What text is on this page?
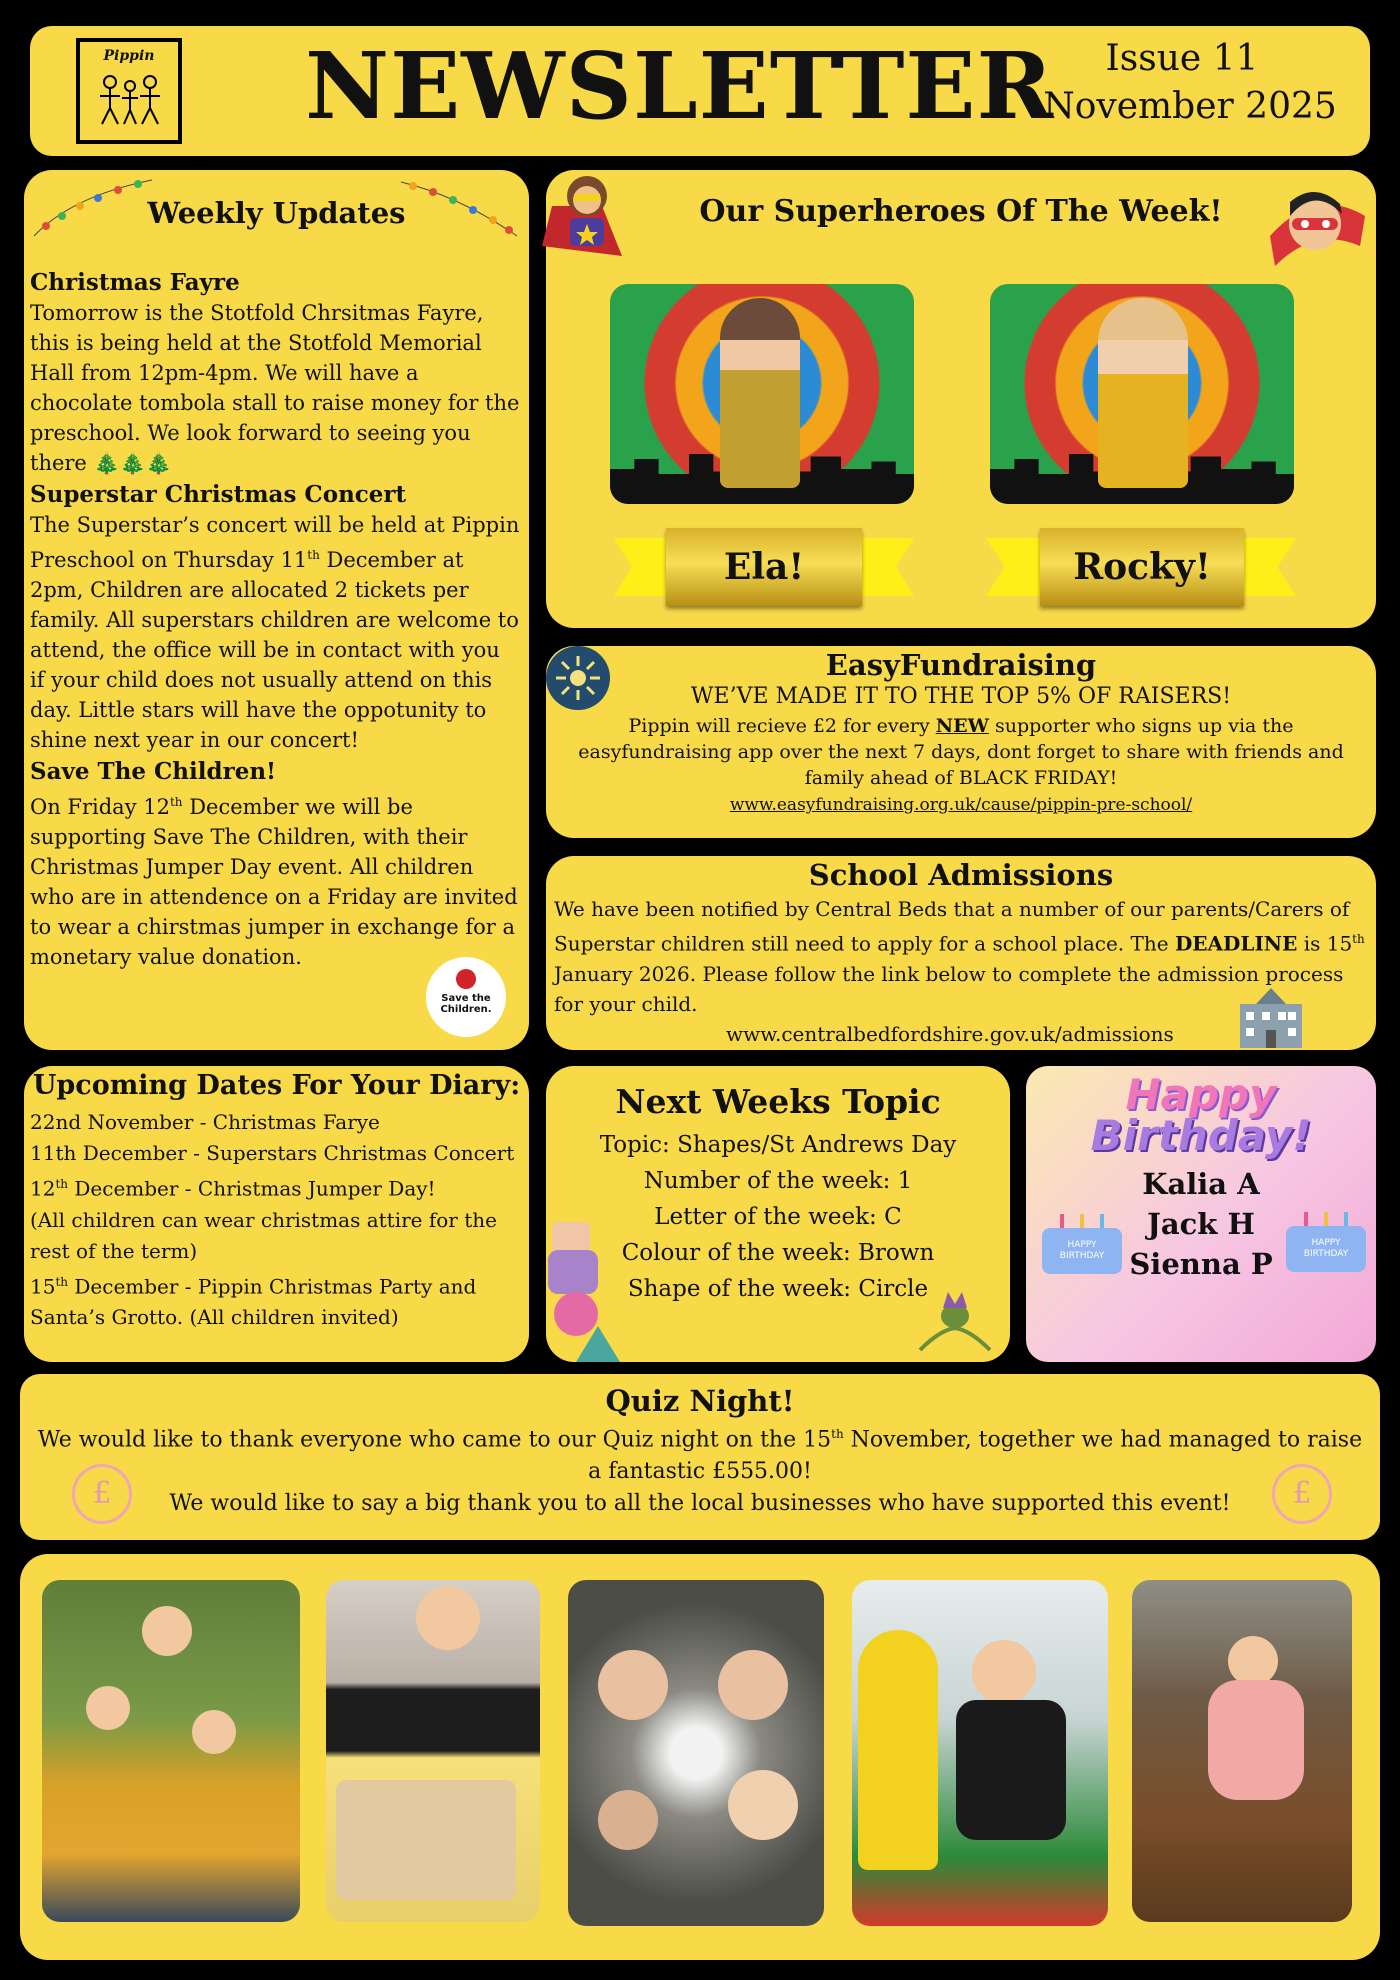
Pippin NEWSLETTER	Issue 11
November 2025
Weekly Updates
Christmas Fayre
Tomorrow is the Stotfold Chrsitmas Fayre, this is being held at the Stotfold Memorial Hall from 12pm-4pm. We will have a chocolate tombola stall to raise money for the preschool. We look forward to seeing you there 🎄🎄🎄
Superstar Christmas Concert
The Superstar’s concert will be held at Pippin Preschool on Thursday 11th December at 2pm, Children are allocated 2 tickets per family. All superstars children are welcome to attend, the office will be in contact with you if your child does not usually attend on this day. Little stars will have the oppotunity to shine next year in our concert!
Save The Children!
On Friday 12th December we will be supporting Save The Children, with their Christmas Jumper Day event. All children who are in attendence on a Friday are invited to wear a chirstmas jumper in exchange for a monetary value donation.
Save the
Children.
Our Superheroes Of The Week!
Ela!	Rocky!
EasyFundraising
WE’VE MADE IT TO THE TOP 5% OF RAISERS!
Pippin will recieve £2 for every NEW supporter who signs up via the easyfundraising app over the next 7 days, dont forget to share with friends and family ahead of BLACK FRIDAY!
www.easyfundraising.org.uk/cause/pippin-pre-school/
School Admissions
We have been notified by Central Beds that a number of our parents/Carers of Superstar children still need to apply for a school place. The DEADLINE is 15th January 2026. Please follow the link below to complete the admission process for your child.
www.centralbedfordshire.gov.uk/admissions
Upcoming Dates For Your Diary:
22nd November - Christmas Farye
11th December - Superstars Christmas Concert
12th December - Christmas Jumper Day!
(All children can wear christmas attire for the rest of the term)
15th December - Pippin Christmas Party and Santa’s Grotto. (All children invited)
Next Weeks Topic
Topic: Shapes/St Andrews Day
Number of the week: 1
Letter of the week: C
Colour of the week: Brown
Shape of the week: Circle
Happy
Birthday!
Kalia A
Jack H
Sienna P
HAPPY
BIRTHDAY
HAPPY
BIRTHDAY
Quiz Night!
We would like to thank everyone who came to our Quiz night on the 15th November, together we had managed to raise
a fantastic £555.00!
We would like to say a big thank you to all the local businesses who have supported this event!
£	£
